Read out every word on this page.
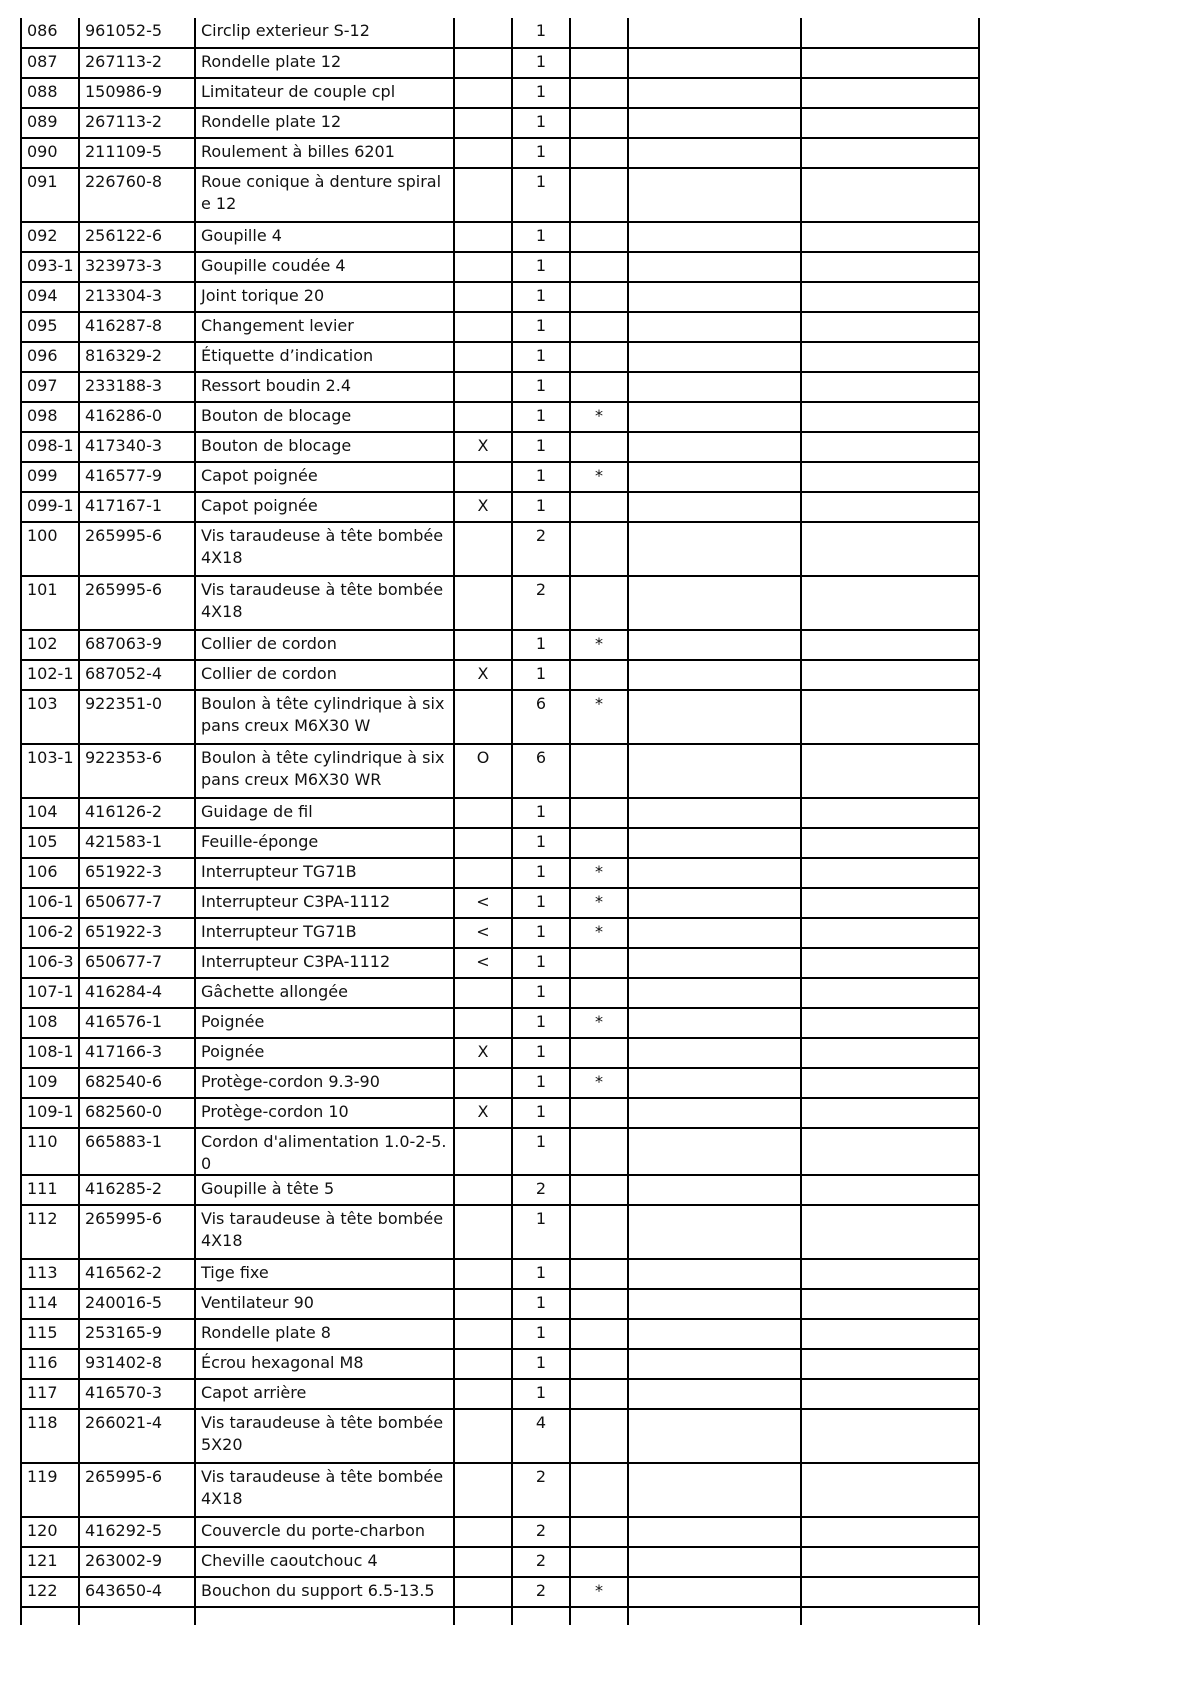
086	961052-5	Circlip exterieur S-12		1			
087	267113-2	Rondelle plate 12		1			
088	150986-9	Limitateur de couple cpl		1			
089	267113-2	Rondelle plate 12		1			
090	211109-5	Roulement à billes 6201		1			
091	226760-8	Roue conique à denture spirale 12		1			
092	256122-6	Goupille 4		1			
093-1	323973-3	Goupille coudée 4		1			
094	213304-3	Joint torique 20		1			
095	416287-8	Changement levier		1			
096	816329-2	Étiquette d’indication		1			
097	233188-3	Ressort boudin 2.4		1			
098	416286-0	Bouton de blocage		1	*		
098-1	417340-3	Bouton de blocage	X	1			
099	416577-9	Capot poignée		1	*		
099-1	417167-1	Capot poignée	X	1			
100	265995-6	Vis taraudeuse à tête bombée 4X18		2			
101	265995-6	Vis taraudeuse à tête bombée 4X18		2			
102	687063-9	Collier de cordon		1	*		
102-1	687052-4	Collier de cordon	X	1			
103	922351-0	Boulon à tête cylindrique à six pans creux M6X30 W		6	*		
103-1	922353-6	Boulon à tête cylindrique à six pans creux M6X30 WR	O	6			
104	416126-2	Guidage de fil		1			
105	421583-1	Feuille-éponge		1			
106	651922-3	Interrupteur TG71B		1	*		
106-1	650677-7	Interrupteur C3PA-1112	<	1	*		
106-2	651922-3	Interrupteur TG71B	<	1	*		
106-3	650677-7	Interrupteur C3PA-1112	<	1			
107-1	416284-4	Gâchette allongée		1			
108	416576-1	Poignée		1	*		
108-1	417166-3	Poignée	X	1			
109	682540-6	Protège-cordon 9.3-90		1	*		
109-1	682560-0	Protège-cordon 10	X	1			
110	665883-1	Cordon d'alimentation 1.0-2-5.0		1			
111	416285-2	Goupille à tête 5		2			
112	265995-6	Vis taraudeuse à tête bombée 4X18		1			
113	416562-2	Tige fixe		1			
114	240016-5	Ventilateur 90		1			
115	253165-9	Rondelle plate 8		1			
116	931402-8	Écrou hexagonal M8		1			
117	416570-3	Capot arrière		1			
118	266021-4	Vis taraudeuse à tête bombée 5X20		4			
119	265995-6	Vis taraudeuse à tête bombée 4X18		2			
120	416292-5	Couvercle du porte-charbon		2			
121	263002-9	Cheville caoutchouc 4		2			
122	643650-4	Bouchon du support 6.5-13.5		2	*		
